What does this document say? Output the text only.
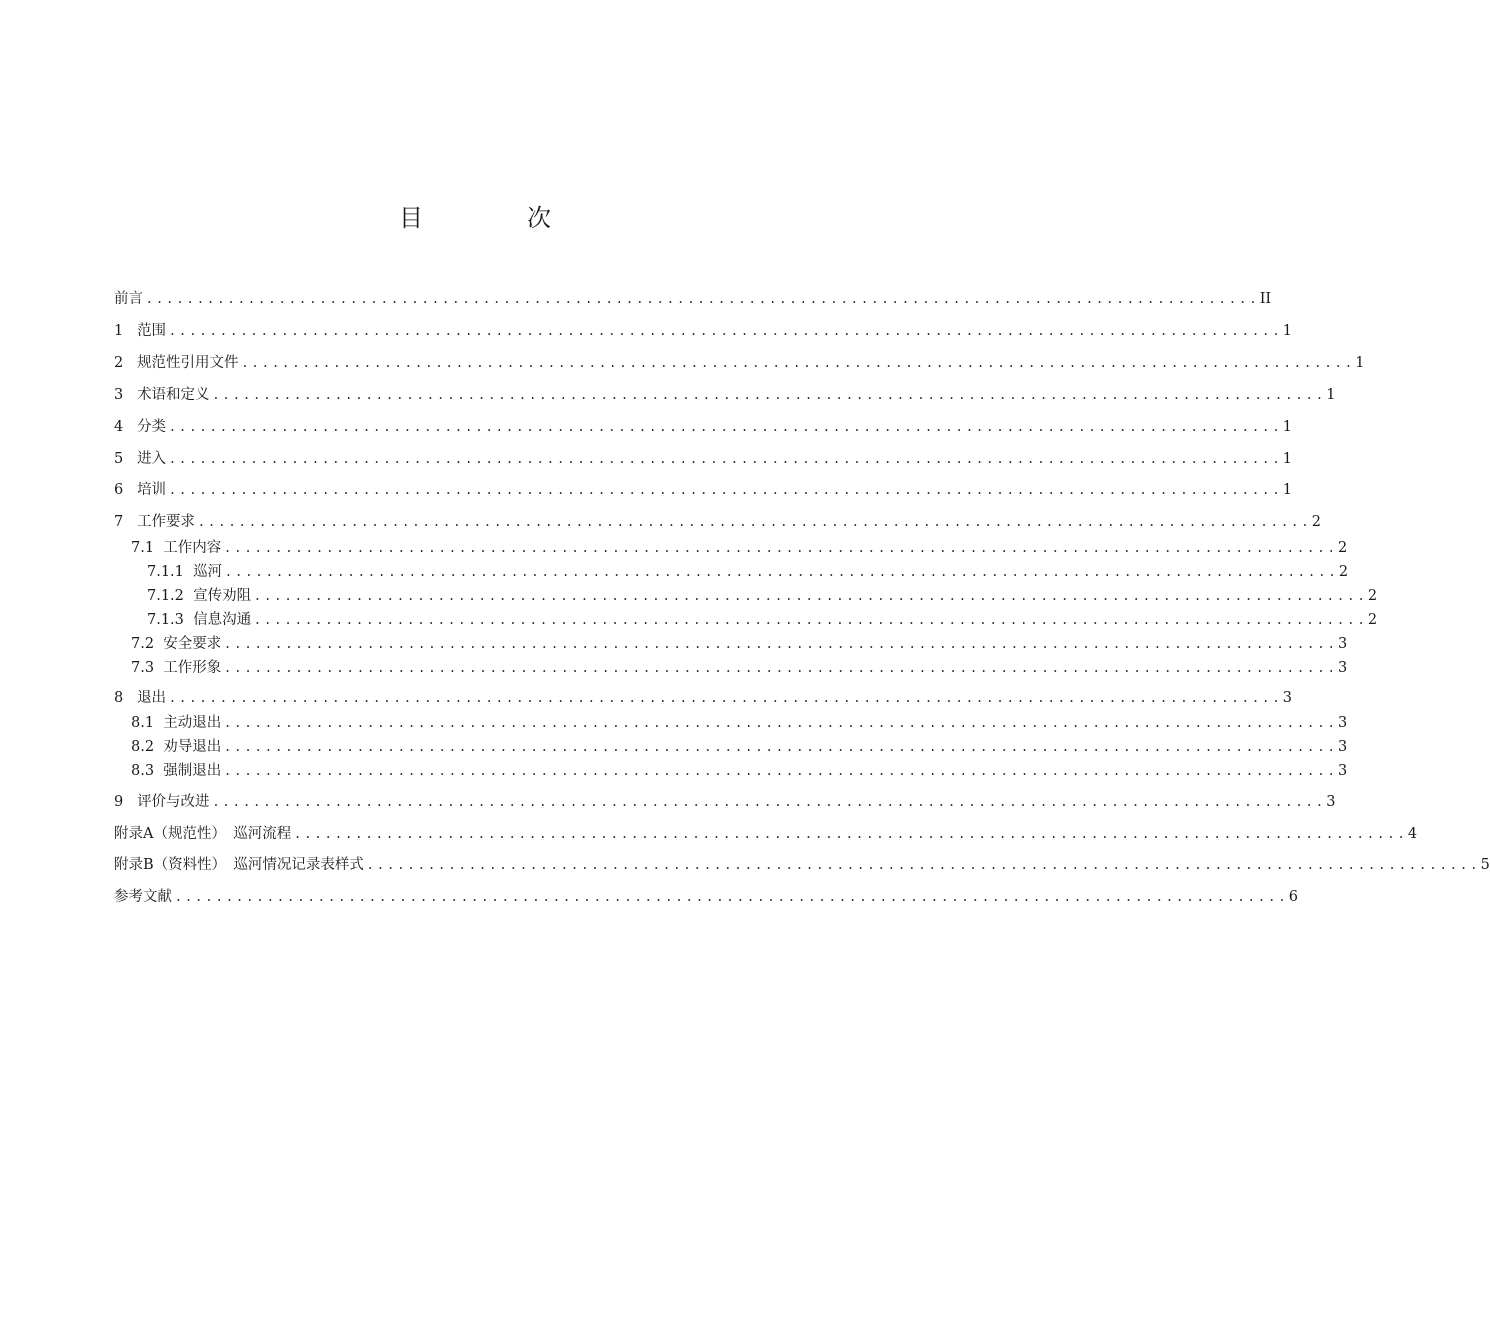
目　次
前言 . . . . . . . . . . . . . . . . . . . . . . . . . . . . . . . . . . . . . . . . . . . . . . . . . . . . . . . . . . . . . . . . . . . . . . . . . . . . . . . . . . . . . . . . . . . . . . . . . . . . . . . . . . . . . II
1
范围 . . . . . . . . . . . . . . . . . . . . . . . . . . . . . . . . . . . . . . . . . . . . . . . . . . . . . . . . . . . . . . . . . . . . . . . . . . . . . . . . . . . . . . . . . . . . . . . . . . . . . . . . . . . . . 1
2
规范性引用文件 . . . . . . . . . . . . . . . . . . . . . . . . . . . . . . . . . . . . . . . . . . . . . . . . . . . . . . . . . . . . . . . . . . . . . . . . . . . . . . . . . . . . . . . . . . . . . . . . . . . . . . . . . . . . . 1
3
术语和定义 . . . . . . . . . . . . . . . . . . . . . . . . . . . . . . . . . . . . . . . . . . . . . . . . . . . . . . . . . . . . . . . . . . . . . . . . . . . . . . . . . . . . . . . . . . . . . . . . . . . . . . . . . . . . . 1
4
分类 . . . . . . . . . . . . . . . . . . . . . . . . . . . . . . . . . . . . . . . . . . . . . . . . . . . . . . . . . . . . . . . . . . . . . . . . . . . . . . . . . . . . . . . . . . . . . . . . . . . . . . . . . . . . . 1
5
进入 . . . . . . . . . . . . . . . . . . . . . . . . . . . . . . . . . . . . . . . . . . . . . . . . . . . . . . . . . . . . . . . . . . . . . . . . . . . . . . . . . . . . . . . . . . . . . . . . . . . . . . . . . . . . . 1
6
培训 . . . . . . . . . . . . . . . . . . . . . . . . . . . . . . . . . . . . . . . . . . . . . . . . . . . . . . . . . . . . . . . . . . . . . . . . . . . . . . . . . . . . . . . . . . . . . . . . . . . . . . . . . . . . . 1
7
工作要求 . . . . . . . . . . . . . . . . . . . . . . . . . . . . . . . . . . . . . . . . . . . . . . . . . . . . . . . . . . . . . . . . . . . . . . . . . . . . . . . . . . . . . . . . . . . . . . . . . . . . . . . . . . . . . 2
7.1
工作内容 . . . . . . . . . . . . . . . . . . . . . . . . . . . . . . . . . . . . . . . . . . . . . . . . . . . . . . . . . . . . . . . . . . . . . . . . . . . . . . . . . . . . . . . . . . . . . . . . . . . . . . . . . . . . . 2
7.1.1
巡河 . . . . . . . . . . . . . . . . . . . . . . . . . . . . . . . . . . . . . . . . . . . . . . . . . . . . . . . . . . . . . . . . . . . . . . . . . . . . . . . . . . . . . . . . . . . . . . . . . . . . . . . . . . . . . 2
7.1.2
宣传劝阻 . . . . . . . . . . . . . . . . . . . . . . . . . . . . . . . . . . . . . . . . . . . . . . . . . . . . . . . . . . . . . . . . . . . . . . . . . . . . . . . . . . . . . . . . . . . . . . . . . . . . . . . . . . . . . 2
7.1.3
信息沟通 . . . . . . . . . . . . . . . . . . . . . . . . . . . . . . . . . . . . . . . . . . . . . . . . . . . . . . . . . . . . . . . . . . . . . . . . . . . . . . . . . . . . . . . . . . . . . . . . . . . . . . . . . . . . . 2
7.2
安全要求 . . . . . . . . . . . . . . . . . . . . . . . . . . . . . . . . . . . . . . . . . . . . . . . . . . . . . . . . . . . . . . . . . . . . . . . . . . . . . . . . . . . . . . . . . . . . . . . . . . . . . . . . . . . . . 3
7.3
工作形象 . . . . . . . . . . . . . . . . . . . . . . . . . . . . . . . . . . . . . . . . . . . . . . . . . . . . . . . . . . . . . . . . . . . . . . . . . . . . . . . . . . . . . . . . . . . . . . . . . . . . . . . . . . . . . 3
8
退出 . . . . . . . . . . . . . . . . . . . . . . . . . . . . . . . . . . . . . . . . . . . . . . . . . . . . . . . . . . . . . . . . . . . . . . . . . . . . . . . . . . . . . . . . . . . . . . . . . . . . . . . . . . . . . 3
8.1
主动退出 . . . . . . . . . . . . . . . . . . . . . . . . . . . . . . . . . . . . . . . . . . . . . . . . . . . . . . . . . . . . . . . . . . . . . . . . . . . . . . . . . . . . . . . . . . . . . . . . . . . . . . . . . . . . . 3
8.2
劝导退出 . . . . . . . . . . . . . . . . . . . . . . . . . . . . . . . . . . . . . . . . . . . . . . . . . . . . . . . . . . . . . . . . . . . . . . . . . . . . . . . . . . . . . . . . . . . . . . . . . . . . . . . . . . . . . 3
8.3
强制退出 . . . . . . . . . . . . . . . . . . . . . . . . . . . . . . . . . . . . . . . . . . . . . . . . . . . . . . . . . . . . . . . . . . . . . . . . . . . . . . . . . . . . . . . . . . . . . . . . . . . . . . . . . . . . . 3
9
评价与改进 . . . . . . . . . . . . . . . . . . . . . . . . . . . . . . . . . . . . . . . . . . . . . . . . . . . . . . . . . . . . . . . . . . . . . . . . . . . . . . . . . . . . . . . . . . . . . . . . . . . . . . . . . . . . . 3
附录A（规范性）　巡河流程 . . . . . . . . . . . . . . . . . . . . . . . . . . . . . . . . . . . . . . . . . . . . . . . . . . . . . . . . . . . . . . . . . . . . . . . . . . . . . . . . . . . . . . . . . . . . . . . . . . . . . . . . . . . . . 4
附录B（资料性）　巡河情况记录表样式 . . . . . . . . . . . . . . . . . . . . . . . . . . . . . . . . . . . . . . . . . . . . . . . . . . . . . . . . . . . . . . . . . . . . . . . . . . . . . . . . . . . . . . . . . . . . . . . . . . . . . . . . . . . . . 5
参考文献 . . . . . . . . . . . . . . . . . . . . . . . . . . . . . . . . . . . . . . . . . . . . . . . . . . . . . . . . . . . . . . . . . . . . . . . . . . . . . . . . . . . . . . . . . . . . . . . . . . . . . . . . . . . . . 6
